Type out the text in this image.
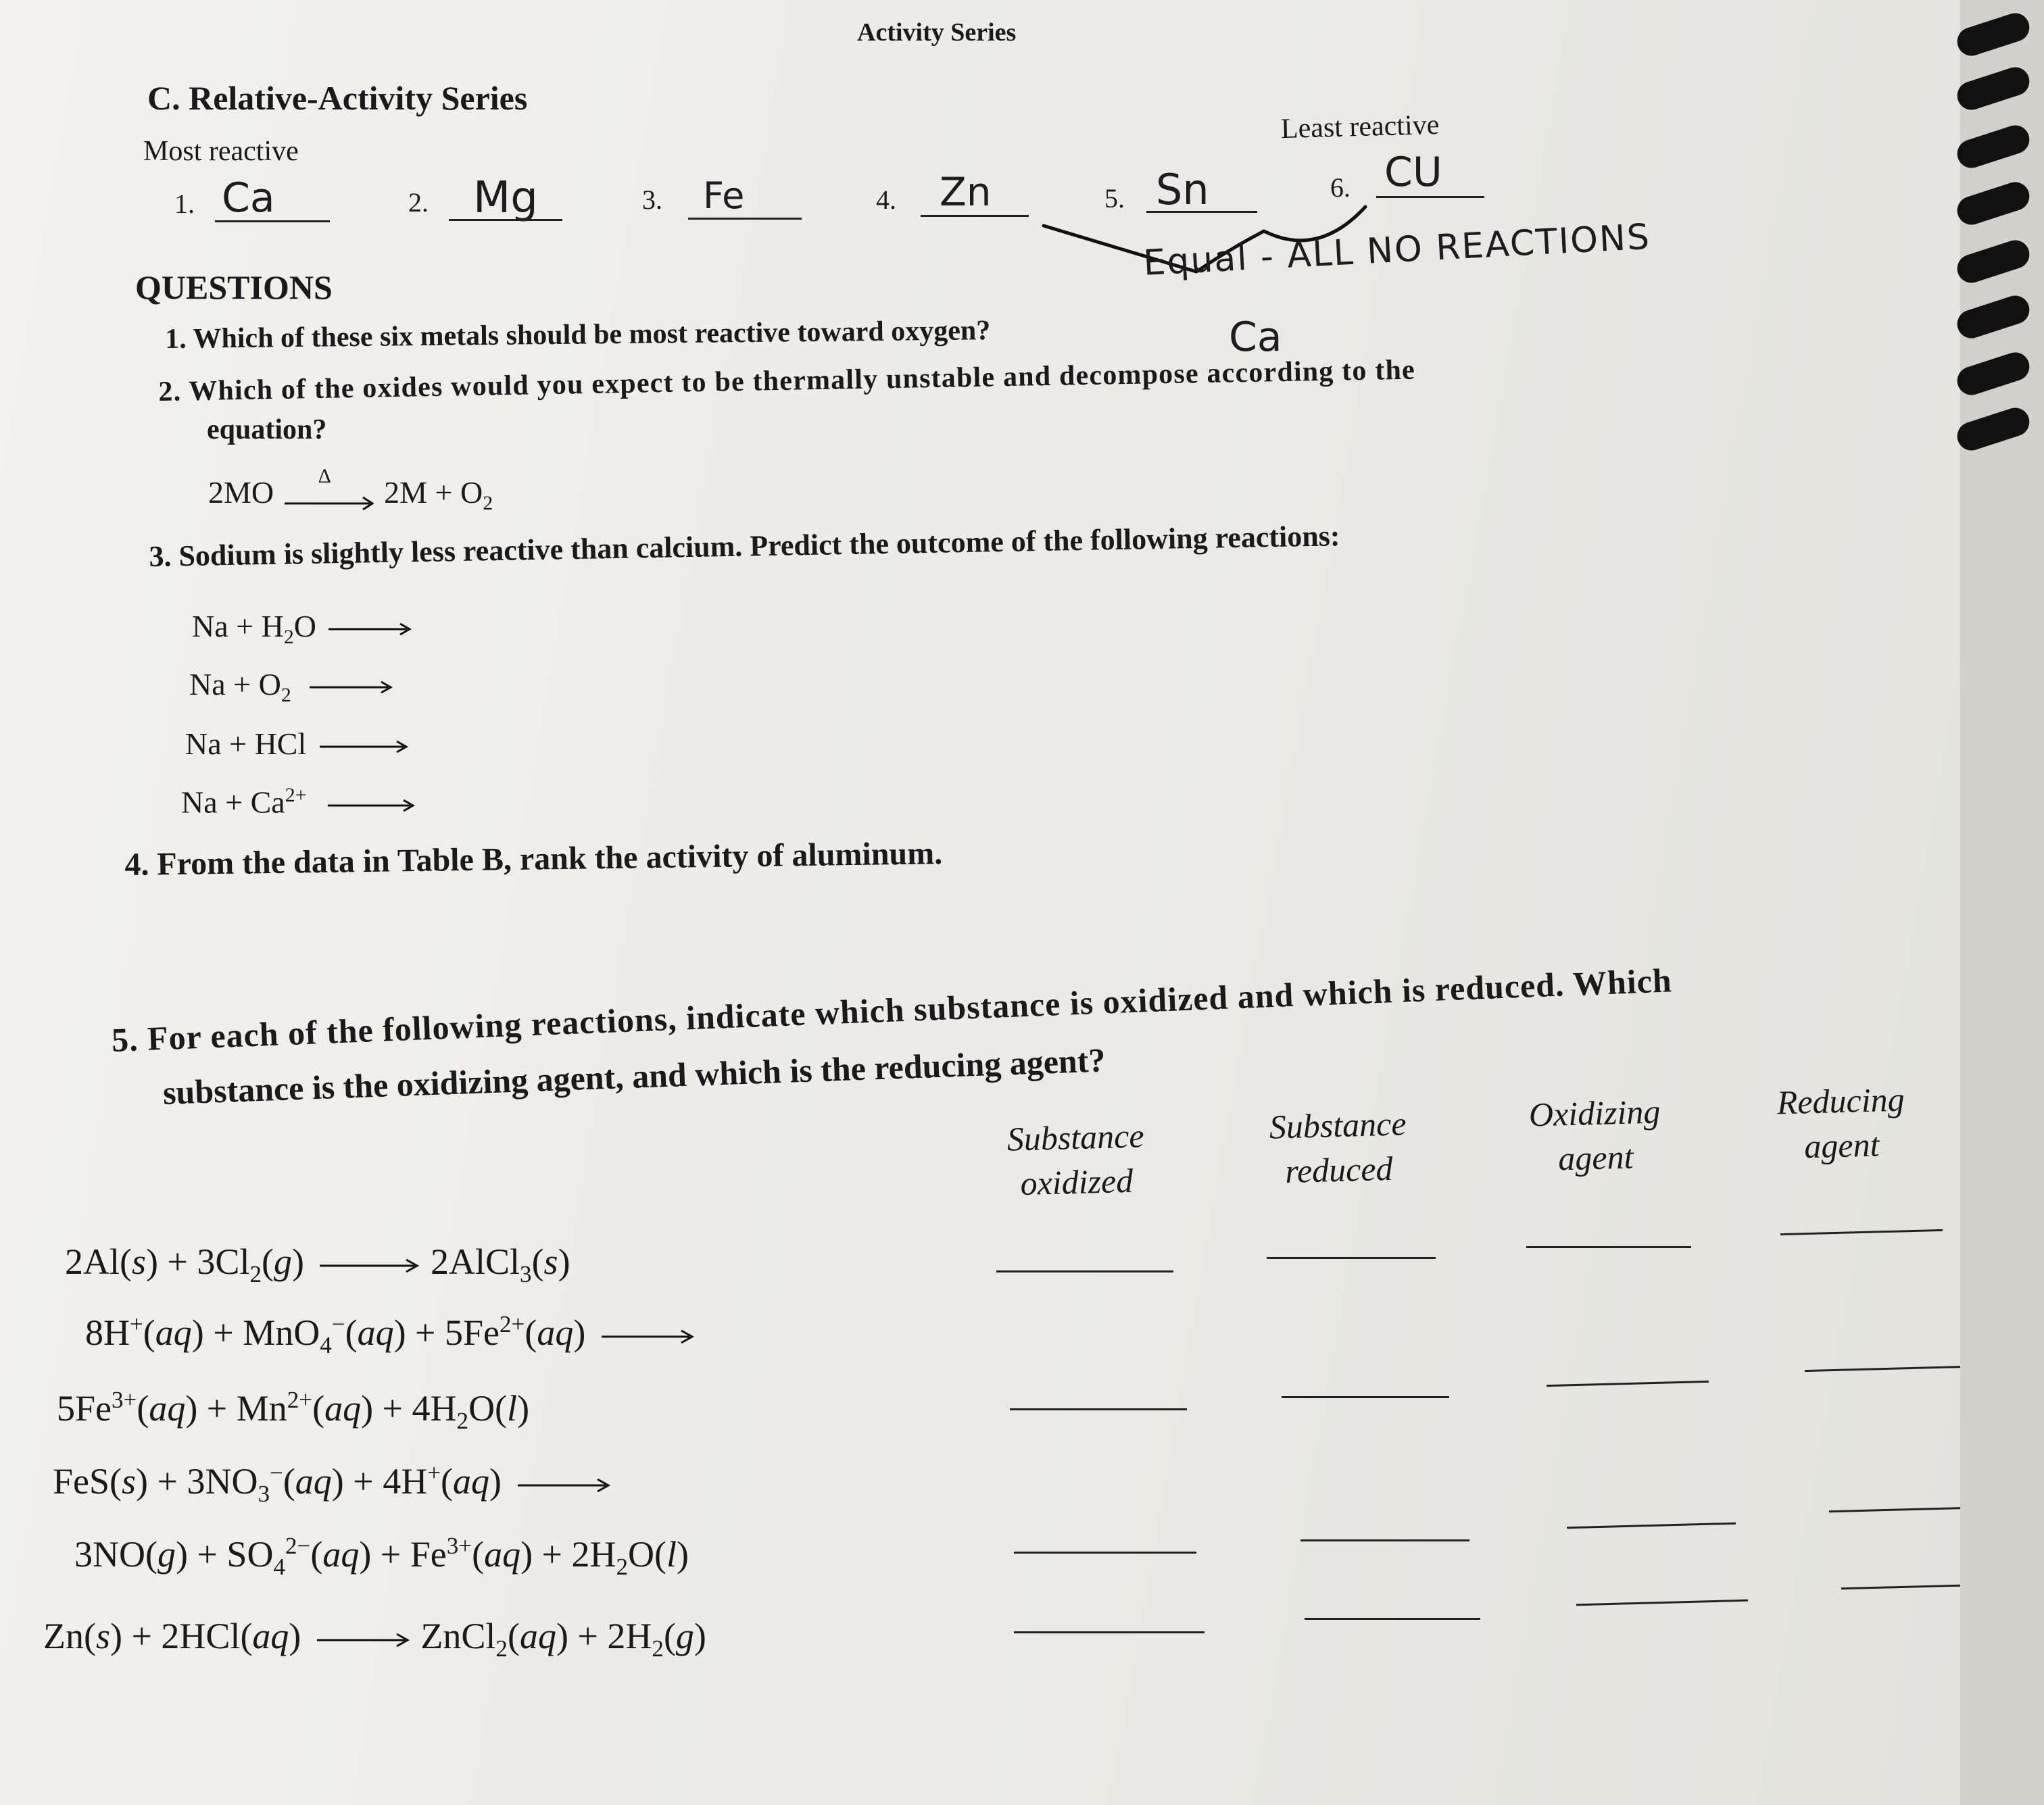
Activity Series
C. Relative-Activity Series
Most reactive
Least reactive
1. Ca	2. Mg	3. Fe	4. Zn	5. Sn	6. CU
Equal - ALL NO REACTIONS
QUESTIONS
1. Which of these six metals should be most reactive toward oxygen?	Ca
2. Which of the oxides would you expect to be thermally unstable and decompose according to the
equation?
2MO Δ $2M + O_2$
3. Sodium is slightly less reactive than calcium. Predict the outcome of the following reactions:
$Na + H_2O$
$Na + O_2$
Na + HCl
$Na + Ca^{2+}$
4. From the data in Table B, rank the activity of aluminum.
5. For each of the following reactions, indicate which substance is oxidized and which is reduced. Which
substance is the oxidizing agent, and which is the reducing agent?
Substance
oxidized
Substance
reduced
Oxidizing
agent
Reducing
agent
$2Al(s) + 3Cl_2(g)$	2AlCl$_3$(s)
$8H^+(aq) + MnO_4^-(aq) + 5Fe^{2+}(aq)$
$5Fe^{3+}(aq) + Mn^{2+}(aq) + 4H_2O(l)$
$FeS(s) + 3NO_3^-(aq) + 4H^+(aq)$
$3NO(g) + SO_4^{2-}(aq) + Fe^{3+}(aq) + 2H_2O(l)$
Zn(s) + 2HCl(aq)	ZnCl$_2$(aq) + $2H_2(g)$
